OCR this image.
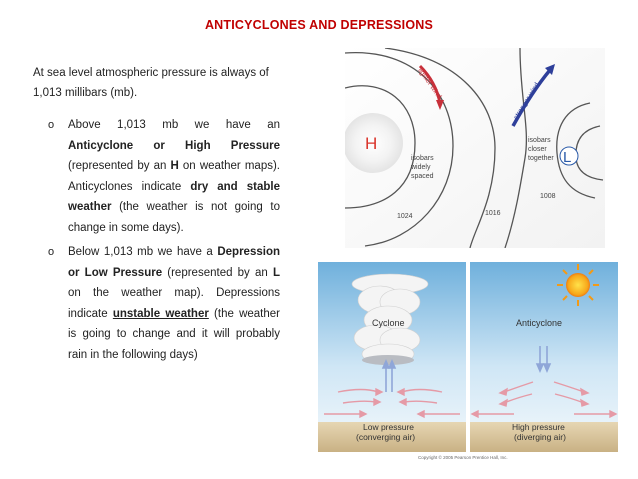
ANTICYCLONES AND DEPRESSIONS
At sea level atmospheric pressure is always of 1,013 millibars (mb).
o Above 1,013 mb we have an Anticyclone or High Pressure (represented by an H on weather maps). Anticyclones indicate dry and stable weather (the weather is not going to change in some days).
o Below 1,013 mb we have a Depression or Low Pressure (represented by an L on the weather map). Depressions indicate unstable weather (the weather is going to change and it will probably rain in the following days)
H
L
lighter wind	stronger wind
isobars
widely
spaced
isobars
closer
together
1024	1016
1008
Cyclone	Anticyclone
Low pressure
(converging air)
High pressure
(diverging air)
Copyright © 2005 Pearson Prentice Hall, Inc.
